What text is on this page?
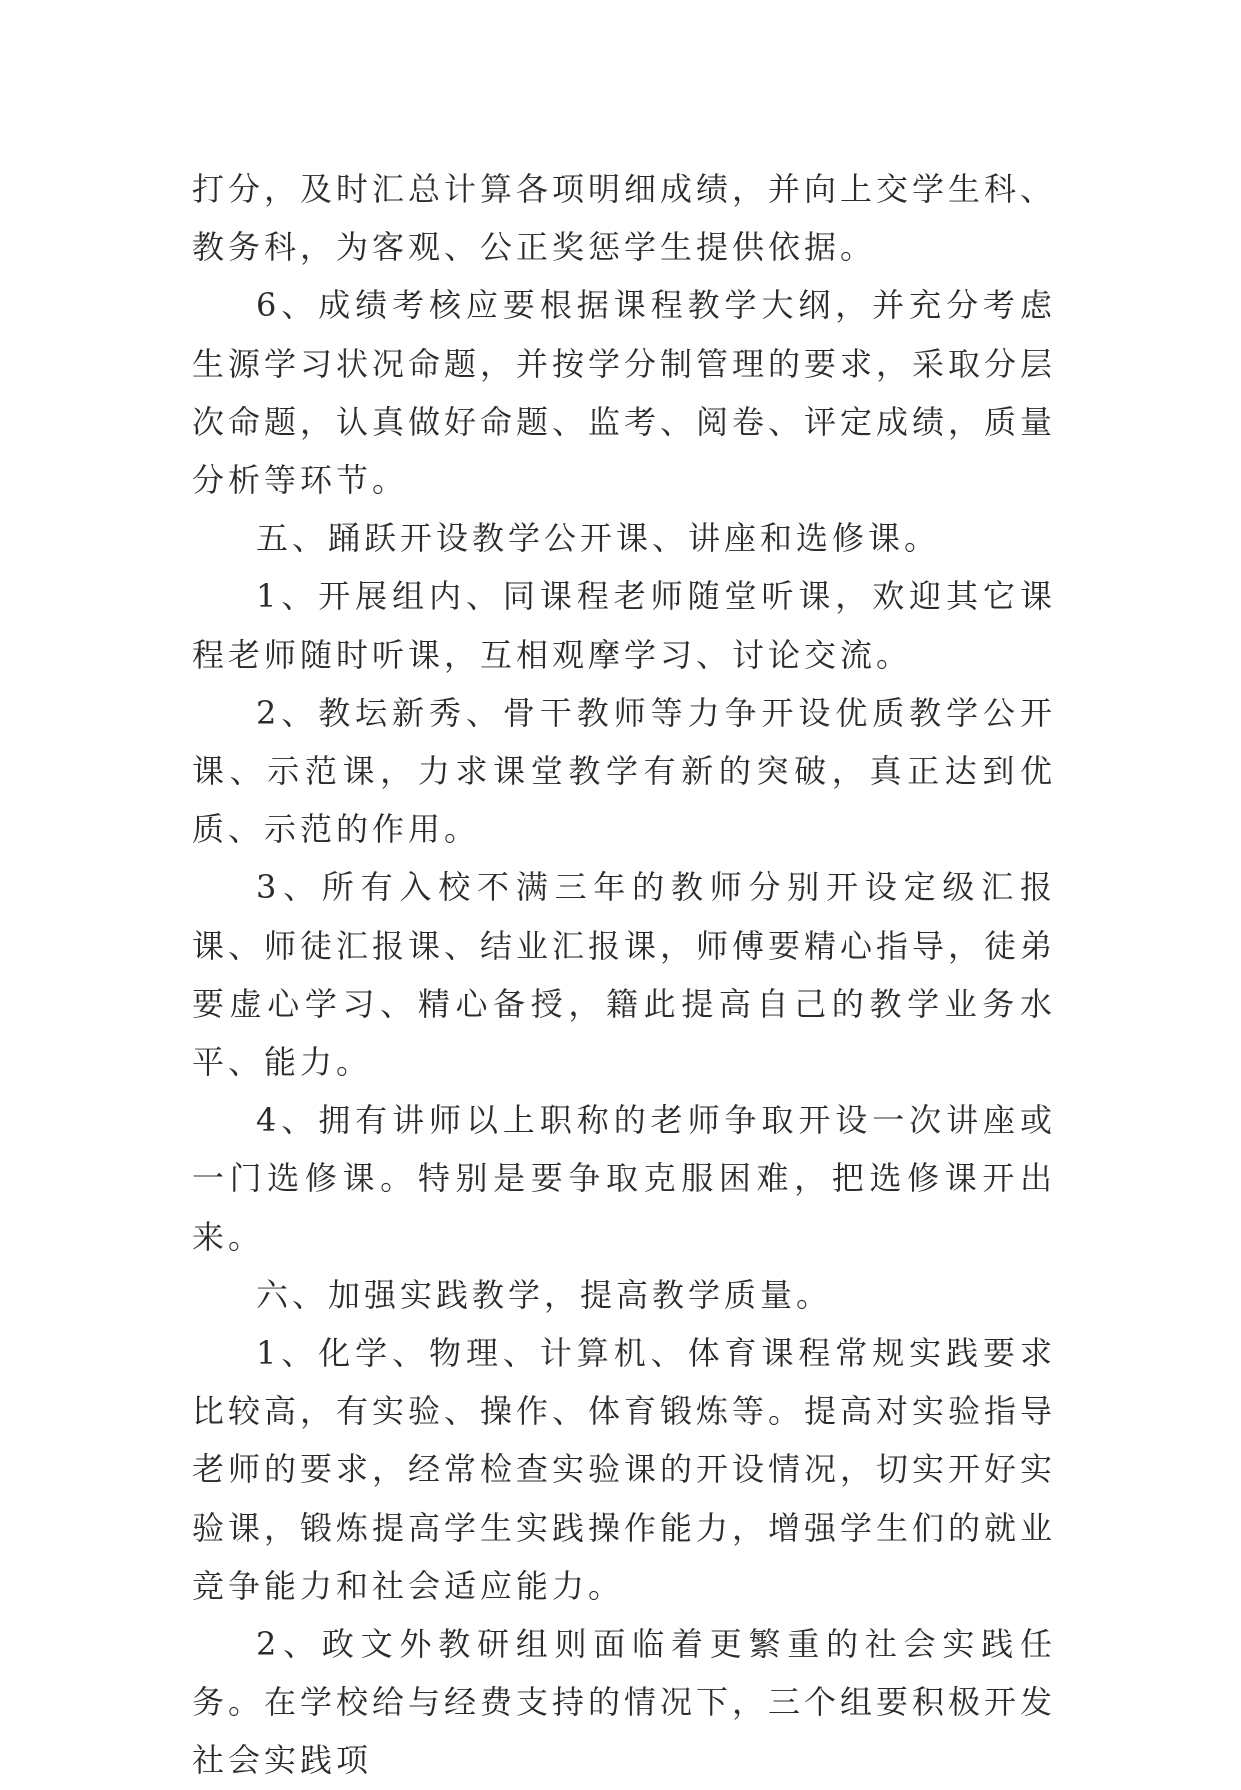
打分，及时汇总计算各项明细成绩，并向上交学生科、教务科，为客观、公正奖惩学生提供依据。

6、成绩考核应要根据课程教学大纲，并充分考虑生源学习状况命题，并按学分制管理的要求，采取分层次命题，认真做好命题、监考、阅卷、评定成绩，质量分析等环节。

五、踊跃开设教学公开课、讲座和选修课。

1、开展组内、同课程老师随堂听课，欢迎其它课程老师随时听课，互相观摩学习、讨论交流。

2、教坛新秀、骨干教师等力争开设优质教学公开课、示范课，力求课堂教学有新的突破，真正达到优质、示范的作用。

3、所有入校不满三年的教师分别开设定级汇报课、师徒汇报课、结业汇报课，师傅要精心指导，徒弟要虚心学习、精心备授，籍此提高自己的教学业务水平、能力。

4、拥有讲师以上职称的老师争取开设一次讲座或一门选修课。特别是要争取克服困难，把选修课开出来。

六、加强实践教学，提高教学质量。

1、化学、物理、计算机、体育课程常规实践要求比较高，有实验、操作、体育锻炼等。提高对实验指导老师的要求，经常检查实验课的开设情况，切实开好实验课，锻炼提高学生实践操作能力，增强学生们的就业竞争能力和社会适应能力。

2、政文外教研组则面临着更繁重的社会实践任务。在学校给与经费支持的情况下，三个组要积极开发社会实践项
